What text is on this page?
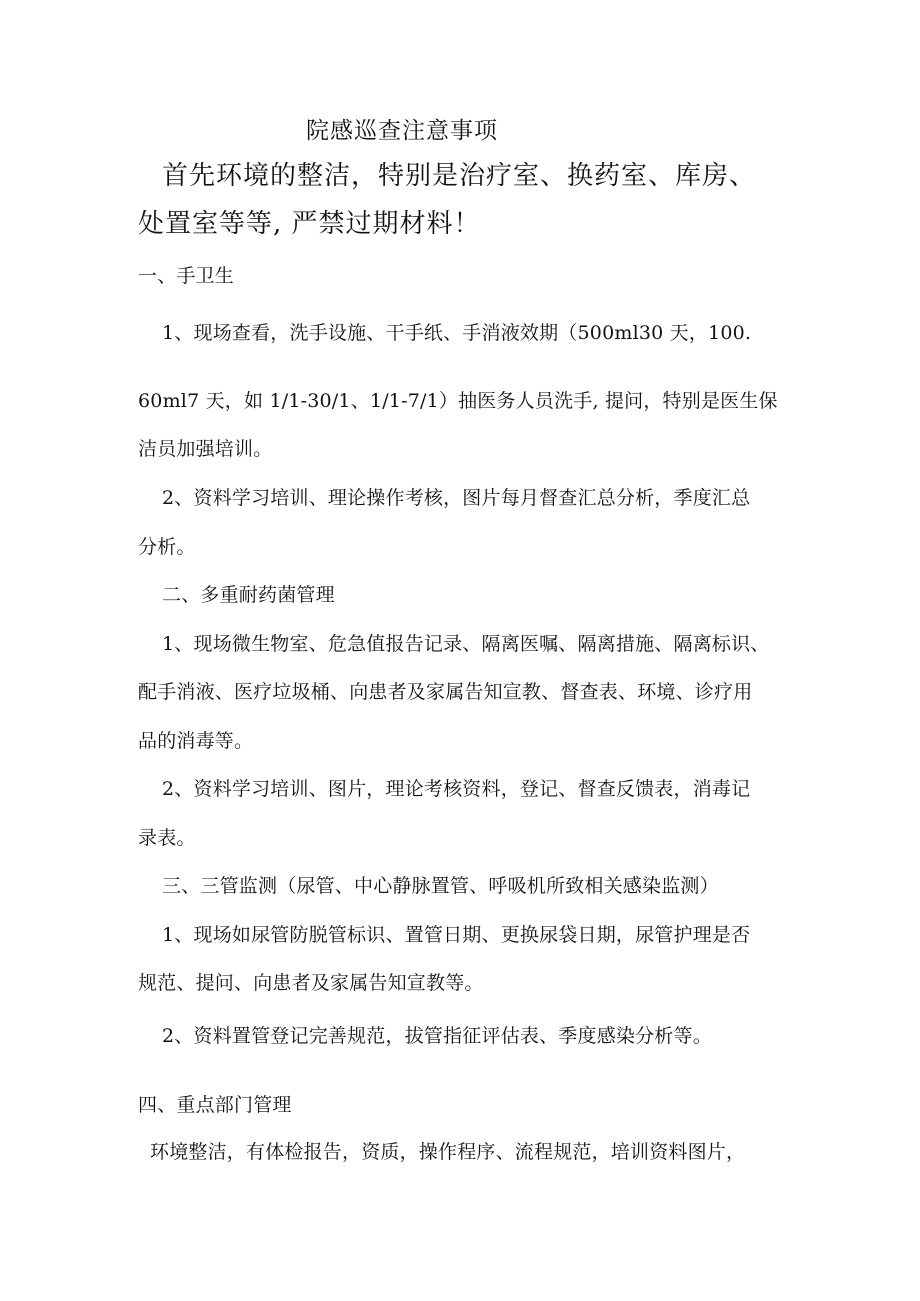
院感巡查注意事项
首先环境的整洁，特别是治疗室、换药室、库房、
处置室等等, 严禁过期材料！
一、手卫生
1、现场查看，洗手设施、干手纸、手消液效期（500ml30 天，100.
60ml7 天，如 1/1-30/1、1/1-7/1）抽医务人员洗手, 提问，特别是医生保
洁员加强培训。
2、资料学习培训、理论操作考核，图片每月督查汇总分析，季度汇总
分析。
二、多重耐药菌管理
1、现场微生物室、危急值报告记录、隔离医嘱、隔离措施、隔离标识、
配手消液、医疗垃圾桶、向患者及家属告知宣教、督查表、环境、诊疗用
品的消毒等。
2、资料学习培训、图片，理论考核资料，登记、督查反馈表，消毒记
录表。
三、三管监测（尿管、中心静脉置管、呼吸机所致相关感染监测）
1、现场如尿管防脱管标识、置管日期、更换尿袋日期，尿管护理是否
规范、提问、向患者及家属告知宣教等。
2、资料置管登记完善规范，拔管指征评估表、季度感染分析等。
四、重点部门管理
环境整洁，有体检报告，资质，操作程序、流程规范，培训资料图片，
